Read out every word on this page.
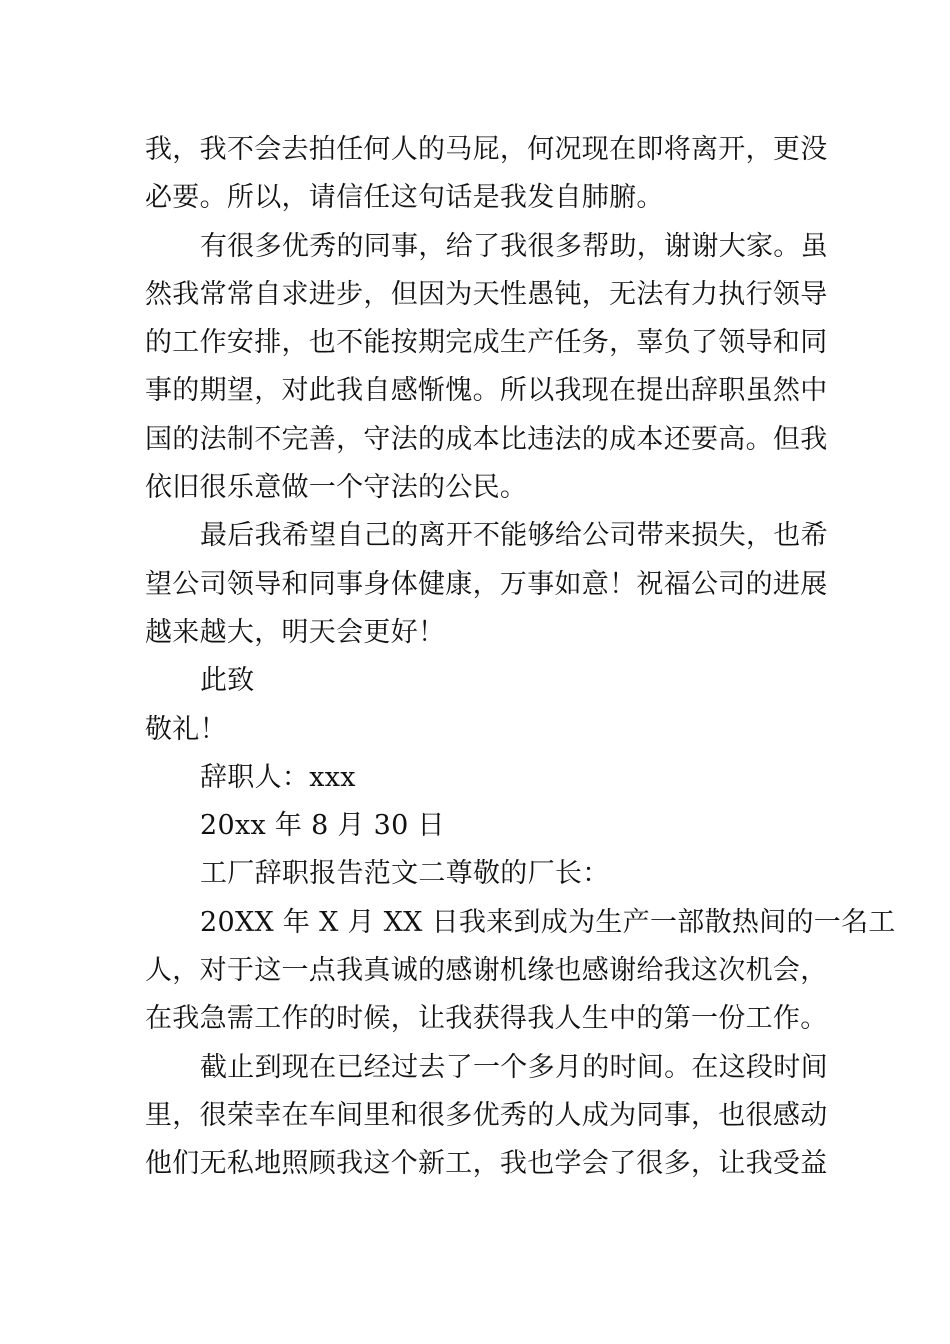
我，我不会去拍任何人的马屁，何况现在即将离开，更没
必要。所以，请信任这句话是我发自肺腑。
有很多优秀的同事，给了我很多帮助，谢谢大家。虽
然我常常自求进步，但因为天性愚钝，无法有力执行领导
的工作安排，也不能按期完成生产任务，辜负了领导和同
事的期望，对此我自感惭愧。所以我现在提出辞职虽然中
国的法制不完善，守法的成本比违法的成本还要高。但我
依旧很乐意做一个守法的公民。
最后我希望自己的离开不能够给公司带来损失，也希
望公司领导和同事身体健康，万事如意！祝福公司的进展
越来越大，明天会更好！
此致
敬礼！
辞职人：xxx
20xx 年 8 月 30 日
工厂辞职报告范文二尊敬的厂长：
20XX 年 X 月 XX 日我来到成为生产一部散热间的一名工
人，对于这一点我真诚的感谢机缘也感谢给我这次机会，
在我急需工作的时候，让我获得我人生中的第一份工作。
截止到现在已经过去了一个多月的时间。在这段时间
里，很荣幸在车间里和很多优秀的人成为同事，也很感动
他们无私地照顾我这个新工，我也学会了很多，让我受益
